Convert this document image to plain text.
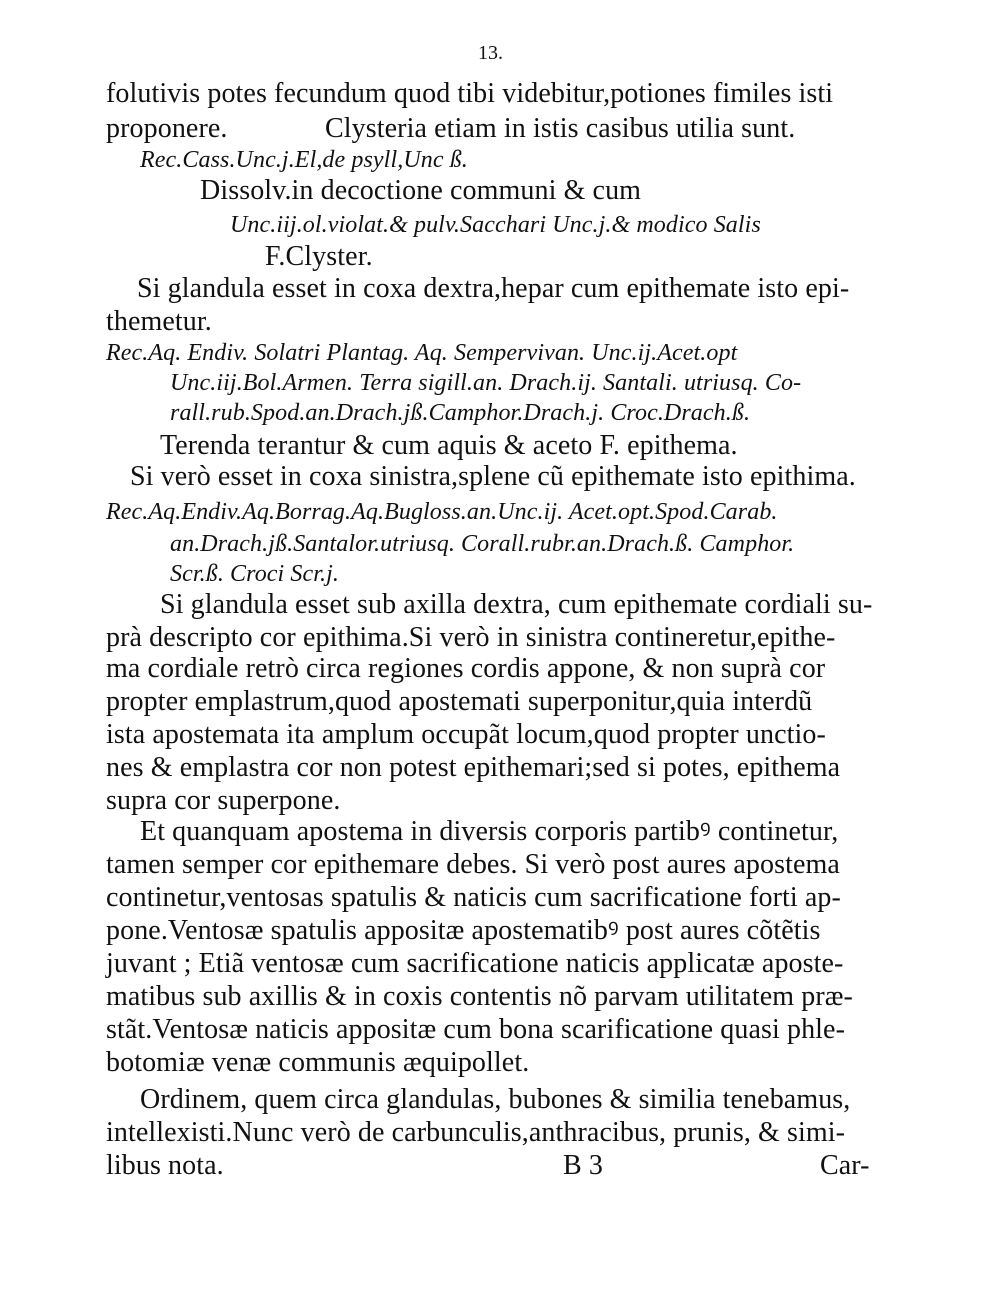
13.
folutivis potes fecundum quod tibi videbitur,potiones fimiles isti
proponere.	Clysteria etiam in istis casibus utilia sunt.
Rec.Cass.Unc.j.El,de psyll,Unc ß.
Dissolv.in decoctione communi & cum
Unc.iij.ol.violat.& pulv.Sacchari Unc.j.& modico Salis
F.Clyster.
Si glandula esset in coxa dextra,hepar cum epithemate isto epi-
themetur.
Rec.Aq. Endiv. Solatri Plantag. Aq. Sempervivan. Unc.ij.Acet.opt
Unc.iij.Bol.Armen. Terra sigill.an. Drach.ij. Santali. utriusq. Co-
rall.rub.Spod.an.Drach.jß.Camphor.Drach.j. Croc.Drach.ß.
Terenda terantur & cum aquis & aceto F. epithema.
Si verò esset in coxa sinistra,splene cũ epithemate isto epithima.
Rec.Aq.Endiv.Aq.Borrag.Aq.Bugloss.an.Unc.ij. Acet.opt.Spod.Carab.
an.Drach.jß.Santalor.utriusq. Corall.rubr.an.Drach.ß. Camphor.
Scr.ß. Croci Scr.j.
Si glandula esset sub axilla dextra, cum epithemate cordiali su-
prà descripto cor epithima.Si verò in sinistra contineretur,epithe-
ma cordiale retrò circa regiones cordis appone, & non suprà cor
propter emplastrum,quod apostemati superponitur,quia interdũ
ista apostemata ita amplum occupãt locum,quod propter unctio-
nes & emplastra cor non potest epithemari;sed si potes, epithema
supra cor superpone.
Et quanquam apostema in diversis corporis partibꝰ continetur,
tamen semper cor epithemare debes. Si verò post aures apostema
continetur,ventosas spatulis & naticis cum sacrificatione forti ap-
pone.Ventosæ spatulis appositæ apostematibꝰ post aures cõtẽtis
juvant ; Etiã ventosæ cum sacrificatione naticis applicatæ aposte-
matibus sub axillis & in coxis contentis nõ parvam utilitatem præ-
stãt.Ventosæ naticis appositæ cum bona scarificatione quasi phle-
botomiæ venæ communis æquipollet.
Ordinem, quem circa glandulas, bubones & similia tenebamus,
intellexisti.Nunc verò de carbunculis,anthracibus, prunis, & simi-
libus nota.	B 3	Car-
